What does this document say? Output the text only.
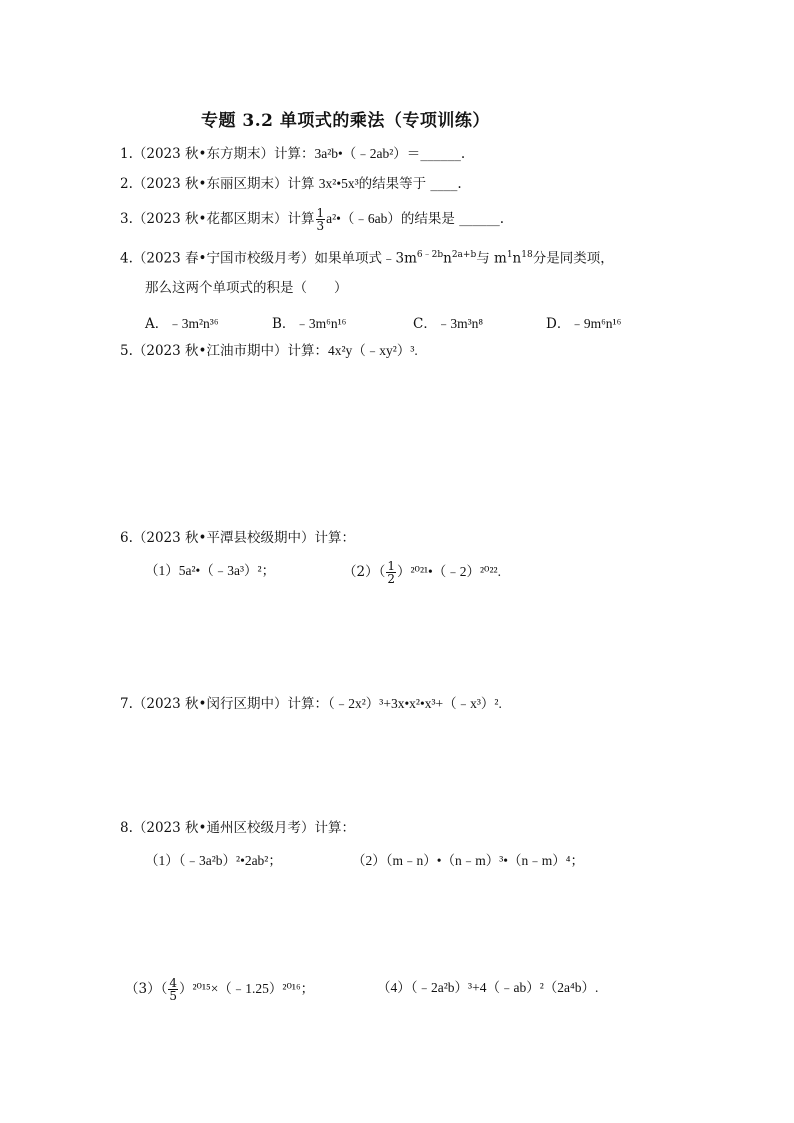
专题 3.2 单项式的乘法（专项训练）
1.（2023 秋•东方期末）计算：3a²b•（﹣2ab²）＝______.
2.（2023 秋•东丽区期末）计算 3x²•5x³的结果等于 ____.
3.（2023 秋•花都区期末）计算 $\frac{1}{3}$ a²•（﹣6ab）的结果是 ______.
4.（2023 春•宁国市校级月考）如果单项式$﹣3m^{6﹣2b}n^{2a+b}$与 $m^1n^{18}$分是同类项，
那么这两个单项式的积是（　　）
A．﹣3m²n³⁶	B．﹣3m⁶n¹⁶	C．﹣3m³n⁸	D．﹣9m⁶n¹⁶
5.（2023 秋•江油市期中）计算：4x²y（﹣xy²）³.
6.（2023 秋•平潭县校级期中）计算：
（1）5a²•（﹣3a³）²；	$(2)( \frac{1}{2}$ ）²⁰²¹•（﹣2）²⁰²².
7.（2023 秋•闵行区期中）计算：（﹣2x²）³+3x•x²•x³+（﹣x³）².
8.（2023 秋•通州区校级月考）计算：
（1）（﹣3a²b）²•2ab²；	（2）（m﹣n）•（n﹣m）³•（n﹣m）⁴；
$(3)( \frac{4}{5}$ ）²⁰¹⁵×（﹣1.25）²⁰¹⁶；	（4）（﹣2a²b）³+4（﹣ab）²（2a⁴b）.
